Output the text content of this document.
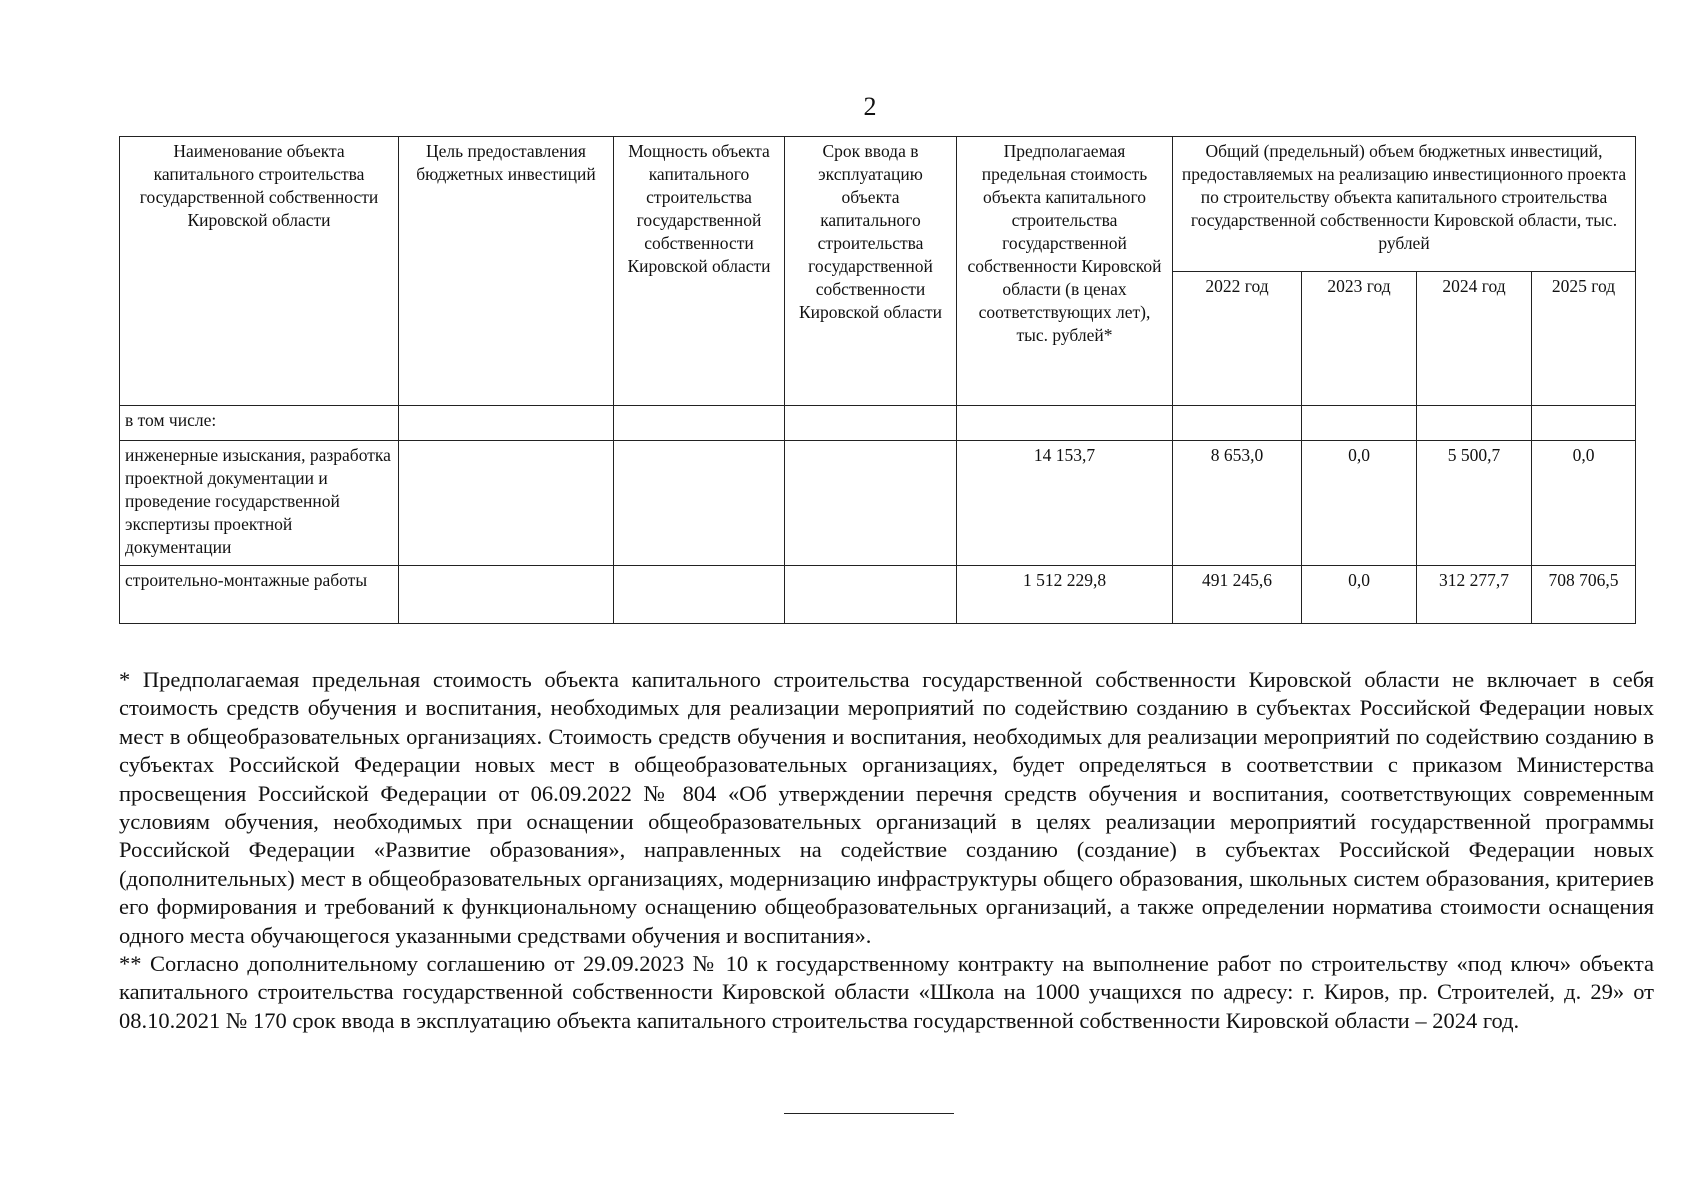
2
Наименование объекта капитального строительства государственной собственности Кировской области	Цель предоставления бюджетных инвестиций	Мощность объекта капитального строительства государственной собственности Кировской области	Срок ввода в эксплуатацию объекта капитального строительства государственной собственности Кировской области	Предполагаемая предельная стоимость объекта капитального строительства государственной собственности Кировской области (в ценах соответствующих лет), тыс. рублей*	Общий (предельный) объем бюджетных инвестиций, предоставляемых на реализацию инвестиционного проекта по строительству объекта капитального строительства государственной собственности Кировской области, тыс. рублей			
					2022 год	2023 год	2024 год	2025 год
в том числе:								
инженерные изыскания, разработка проектной документации и проведение государственной экспертизы проектной документации				14 153,7	8 653,0	0,0	5 500,7	0,0
строительно-монтажные работы				1 512 229,8	491 245,6	0,0	312 277,7	708 706,5

* Предполагаемая предельная стоимость объекта капитального строительства государственной собственности Кировской области не включает в себя стоимость средств обучения и воспитания, необходимых для реализации мероприятий по содействию созданию в субъектах Российской Федерации новых мест в общеобразовательных организациях. Стоимость средств обучения и воспитания, необходимых для реализации мероприятий по содействию созданию в субъектах Российской Федерации новых мест в общеобразовательных организациях, будет определяться в соответствии с приказом Министерства просвещения Российской Федерации от 06.09.2022 № 804 «Об утверждении перечня средств обучения и воспитания, соответствующих современным условиям обучения, необходимых при оснащении общеобразовательных организаций в целях реализации мероприятий государственной программы Российской Федерации «Развитие образования», направленных на содействие созданию (создание) в субъектах Российской Федерации новых (дополнительных) мест в общеобразовательных организациях, модернизацию инфраструктуры общего образования, школьных систем образования, критериев его формирования и требований к функциональному оснащению общеобразовательных организаций, а также определении норматива стоимости оснащения одного места обучающегося указанными средствами обучения и воспитания».

** Согласно дополнительному соглашению от 29.09.2023 № 10 к государственному контракту на выполнение работ по строительству «под ключ» объекта капитального строительства государственной собственности Кировской области «Школа на 1000 учащихся по адресу: г. Киров, пр. Строителей, д. 29» от 08.10.2021 № 170 срок ввода в эксплуатацию объекта капитального строительства государственной собственности Кировской области – 2024 год.
